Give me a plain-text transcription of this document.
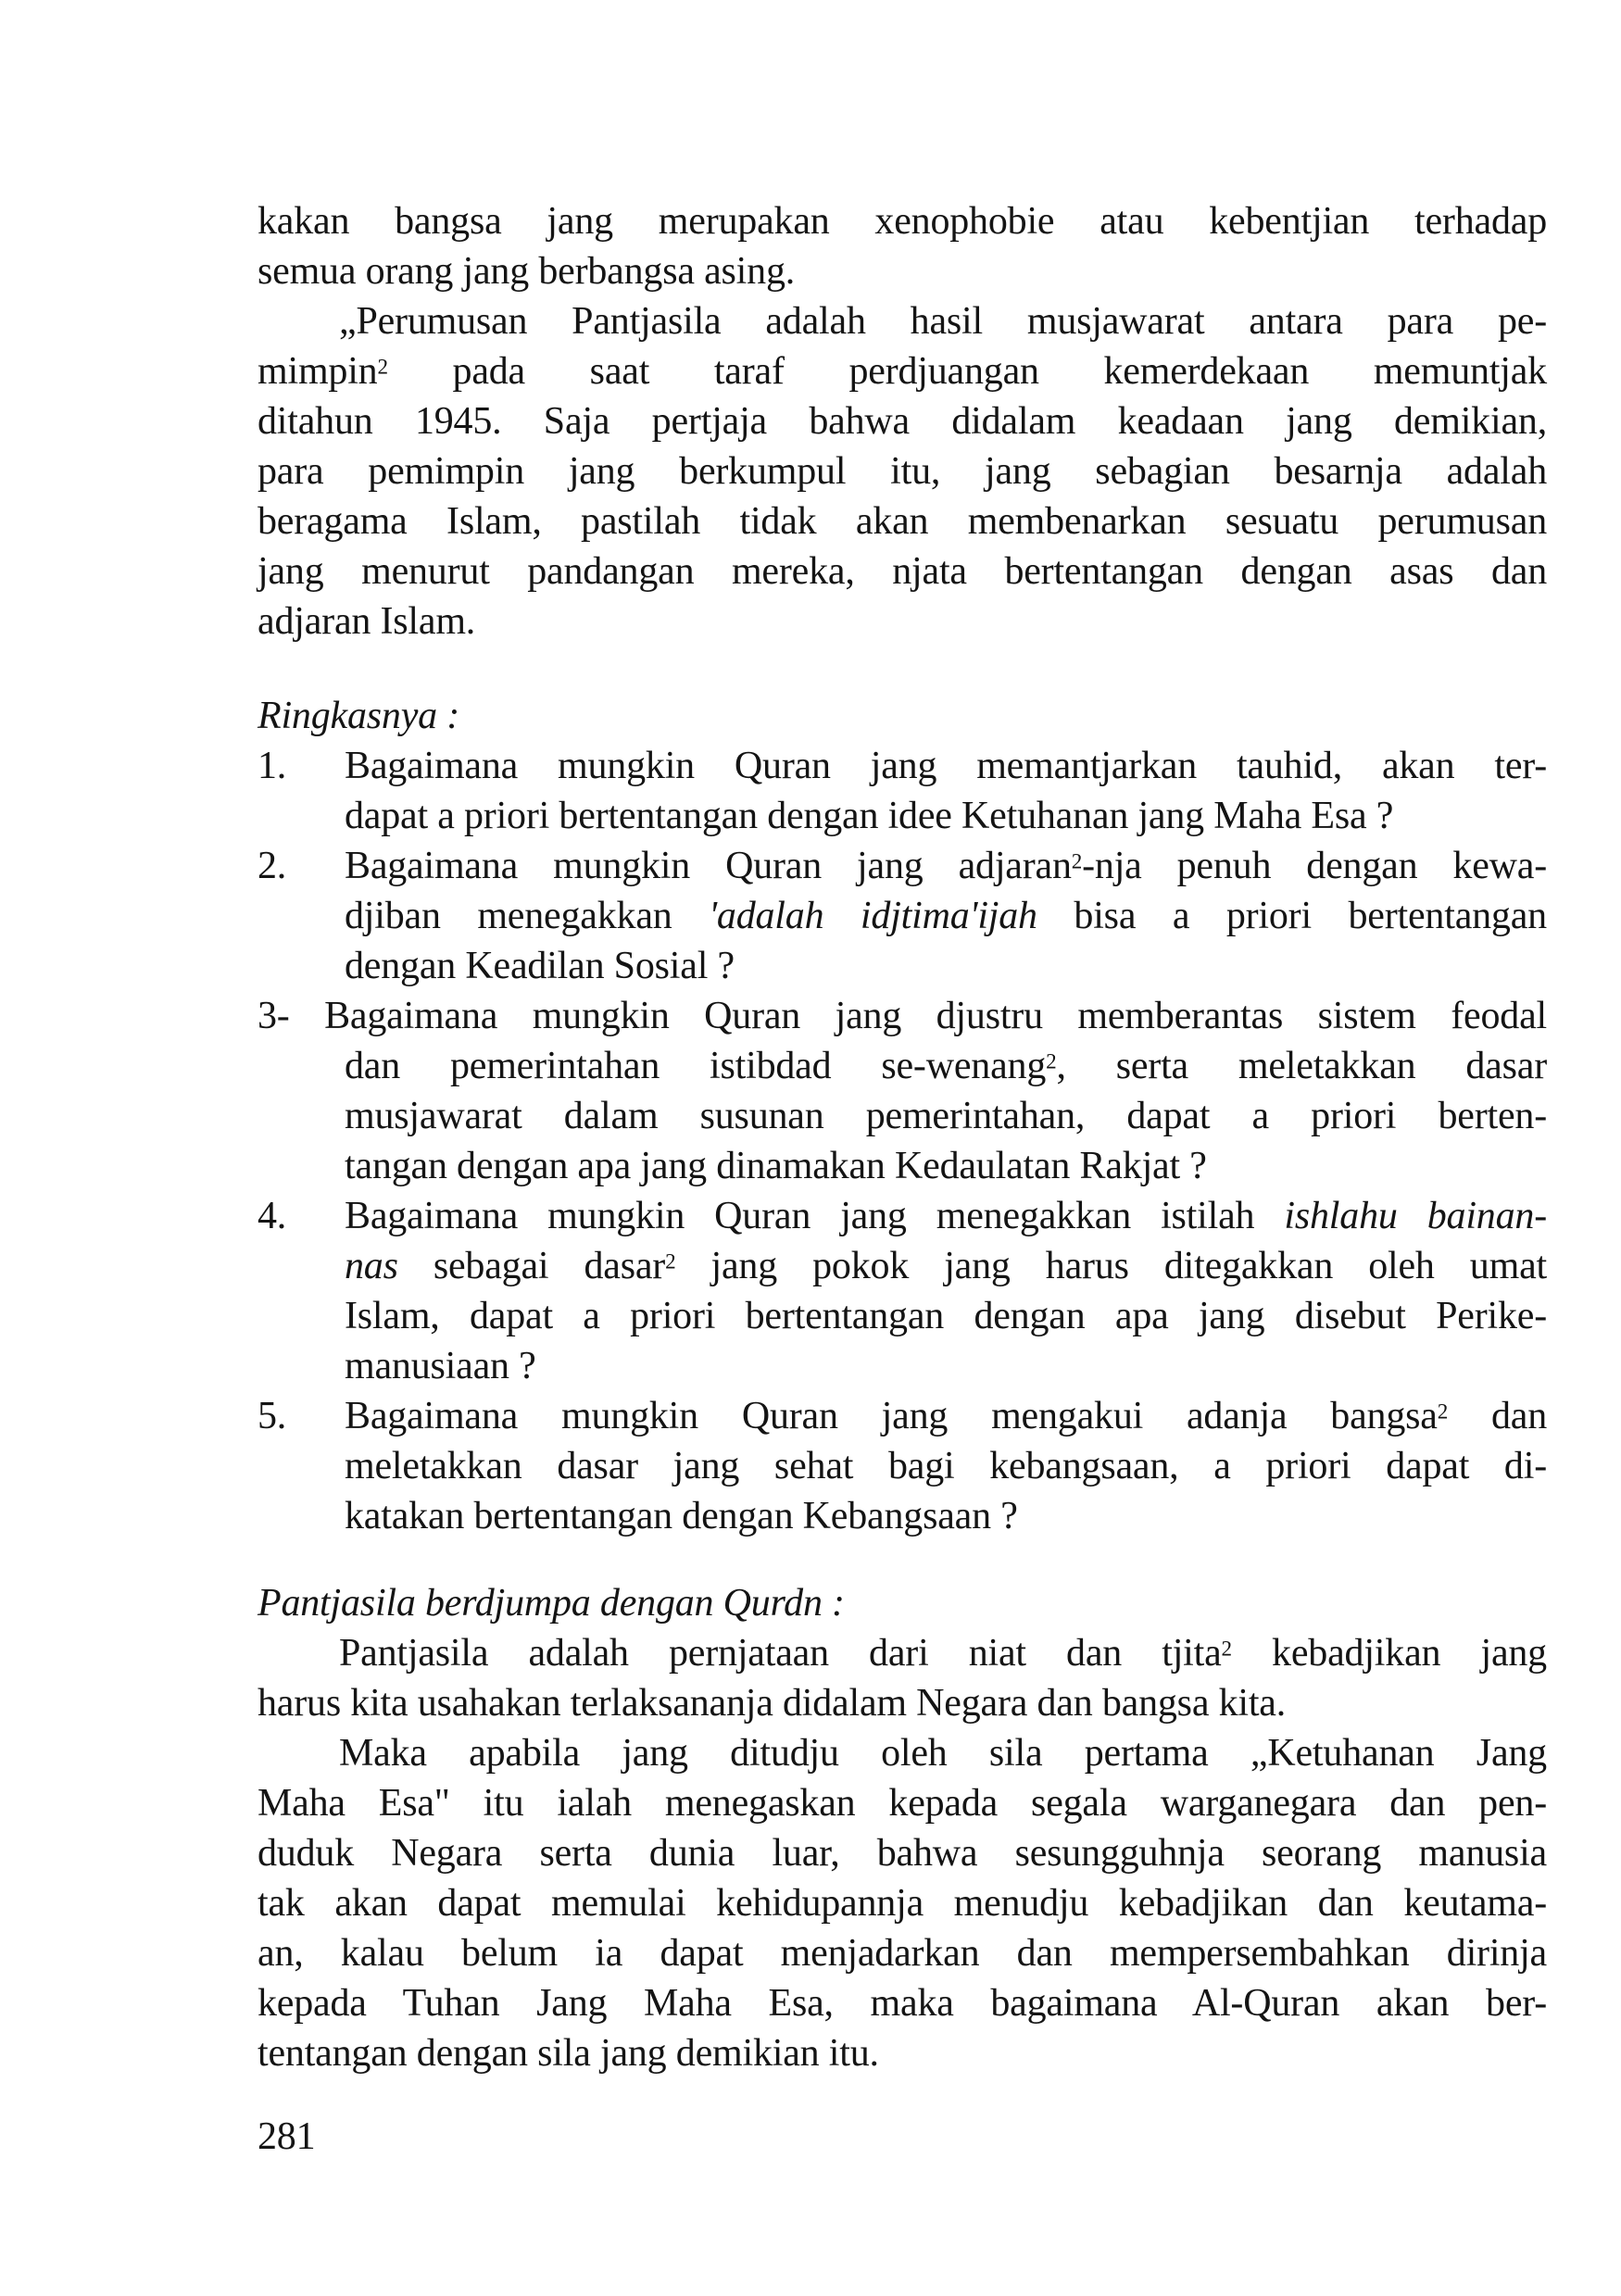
kakan bangsa jang merupakan xenophobie atau kebentjian terhadap
semua orang jang berbangsa asing.
„Perumusan Pantjasila adalah hasil musjawarat antara para pe-
mimpin$^2$ pada saat taraf perdjuangan kemerdekaan memuntjak
ditahun 1945. Saja pertjaja bahwa didalam keadaan jang demikian,
para pemimpin jang berkumpul itu, jang sebagian besarnja adalah
beragama Islam, pastilah tidak akan membenarkan sesuatu perumusan
jang menurut pandangan mereka, njata bertentangan dengan asas dan
adjaran Islam.
Ringkasnya :
1. Bagaimana mungkin Quran jang memantjarkan tauhid, akan ter-
dapat a priori bertentangan dengan idee Ketuhanan jang Maha Esa ?
2. Bagaimana mungkin Quran jang adjaran$^2$-nja penuh dengan kewa-
djiban menegakkan 'adalah idjtima'ijah bisa a priori bertentangan
dengan Keadilan Sosial ?
3- Bagaimana mungkin Quran jang djustru memberantas sistem feodal
dan pemerintahan istibdad se-wenang$^2$, serta meletakkan dasar
musjawarat dalam susunan pemerintahan, dapat a priori berten-
tangan dengan apa jang dinamakan Kedaulatan Rakjat ?
4. Bagaimana mungkin Quran jang menegakkan istilah ishlahu bainan-
nas sebagai dasar$^2$ jang pokok jang harus ditegakkan oleh umat
Islam, dapat a priori bertentangan dengan apa jang disebut Perike-
manusiaan ?
5. Bagaimana mungkin Quran jang mengakui adanja bangsa$^2$ dan
meletakkan dasar jang sehat bagi kebangsaan, a priori dapat di-
katakan bertentangan dengan Kebangsaan ?
Pantjasila berdjumpa dengan Qurdn :
Pantjasila adalah pernjataan dari niat dan tjita$^2$ kebadjikan jang
harus kita usahakan terlaksananja didalam Negara dan bangsa kita.
Maka apabila jang ditudju oleh sila pertama „Ketuhanan Jang
Maha Esa" itu ialah menegaskan kepada segala warganegara dan pen-
duduk Negara serta dunia luar, bahwa sesungguhnja seorang manusia
tak akan dapat memulai kehidupannja menudju kebadjikan dan keutama-
an, kalau belum ia dapat menjadarkan dan mempersembahkan dirinja
kepada Tuhan Jang Maha Esa, maka bagaimana Al-Quran akan ber-
tentangan dengan sila jang demikian itu.
281
